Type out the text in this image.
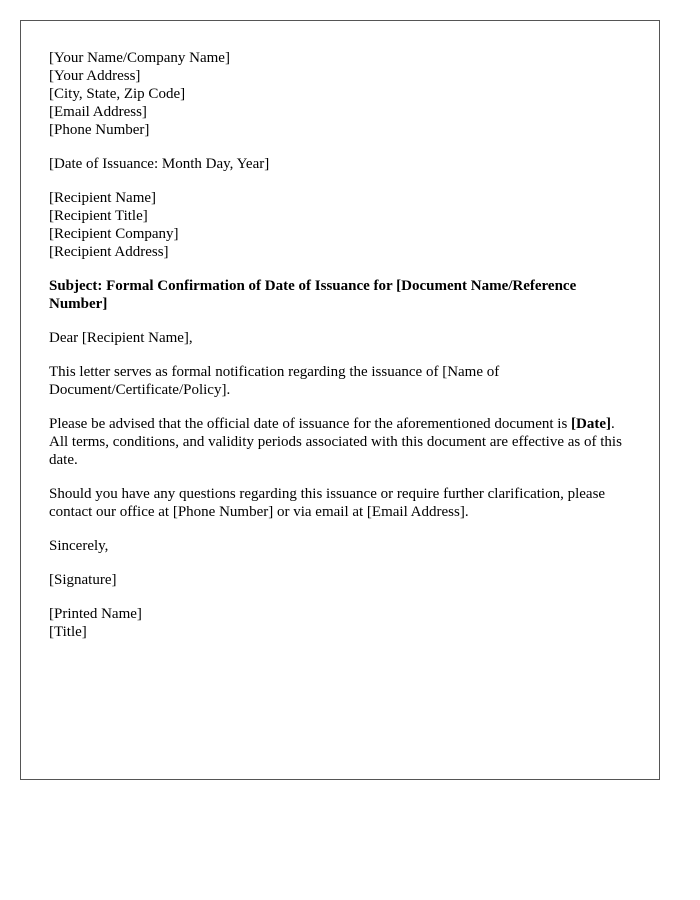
[Your Name/Company Name]
[Your Address]
[City, State, Zip Code]
[Email Address]
[Phone Number]
[Date of Issuance: Month Day, Year]
[Recipient Name]
[Recipient Title]
[Recipient Company]
[Recipient Address]
Subject: Formal Confirmation of Date of Issuance for [Document Name/Reference Number]

Dear [Recipient Name],

This letter serves as formal notification regarding the issuance of [Name of Document/Certificate/Policy].

Please be advised that the official date of issuance for the aforementioned document is [Date]. All terms, conditions, and validity periods associated with this document are effective as of this date.

Should you have any questions regarding this issuance or require further clarification, please contact our office at [Phone Number] or via email at [Email Address].

Sincerely,

[Signature]

[Printed Name]
[Title]
